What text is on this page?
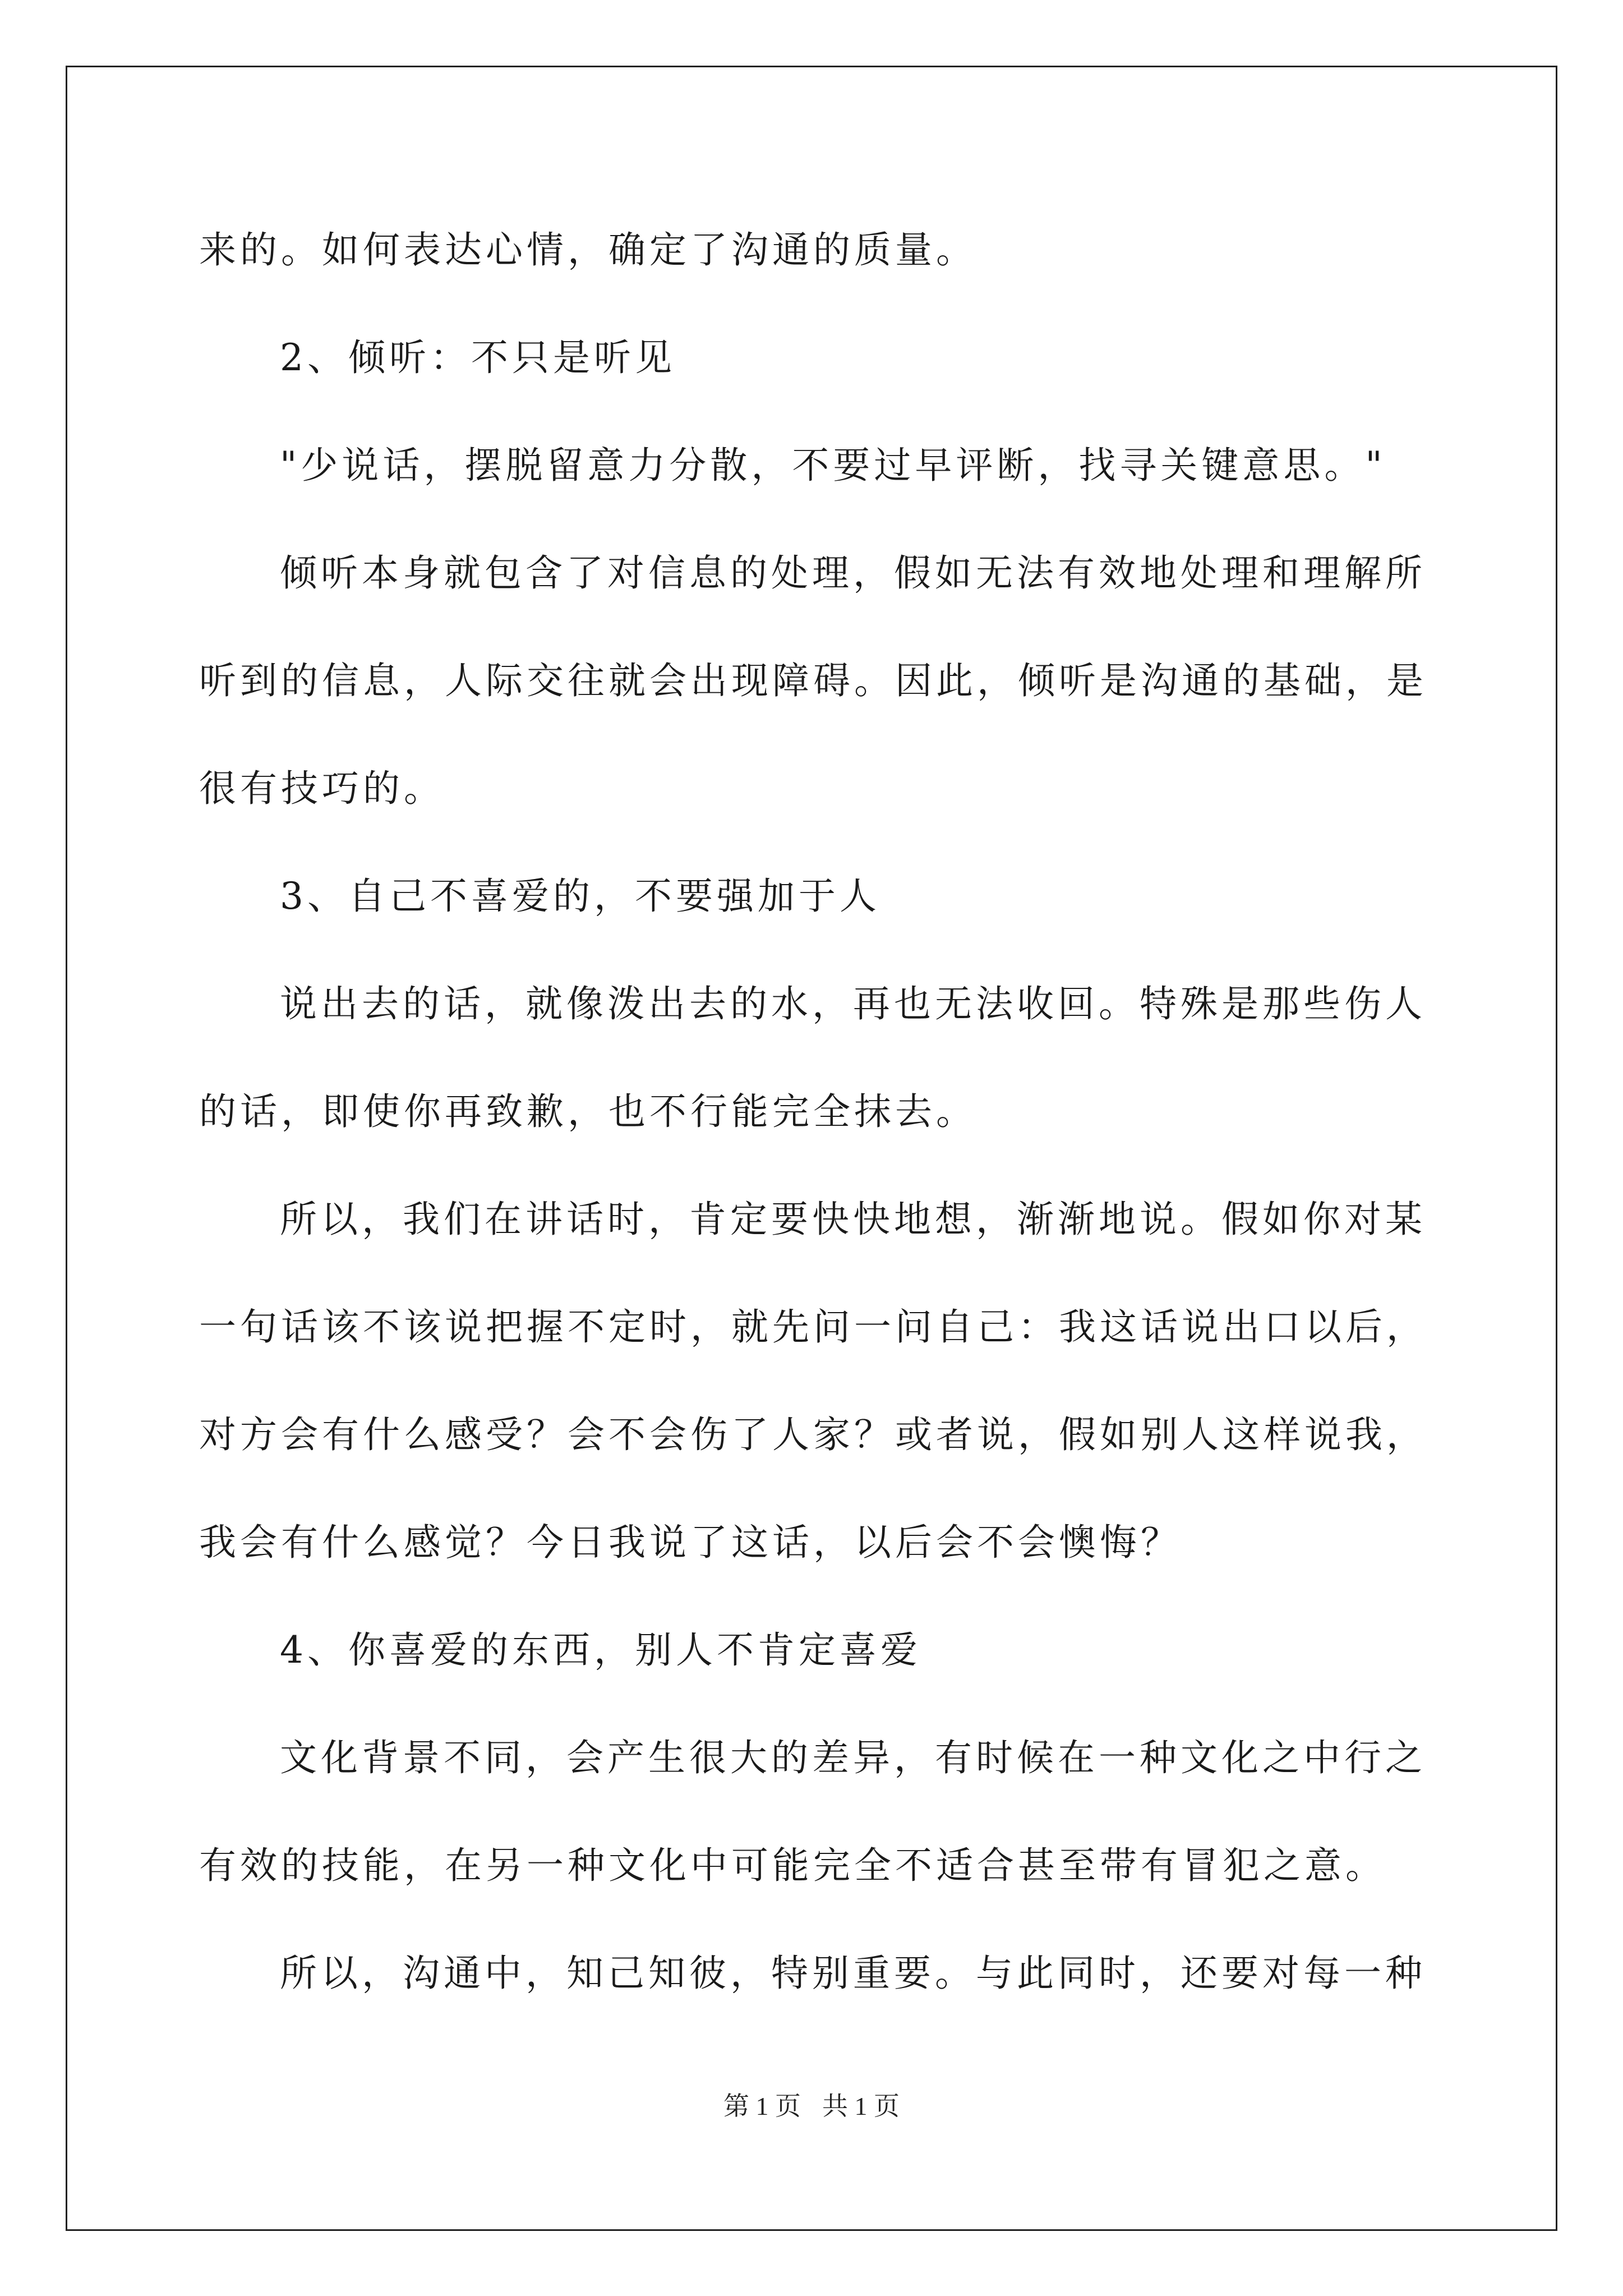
来的。如何表达心情，确定了沟通的质量。
2、倾听：不只是听见
"少说话，摆脱留意力分散，不要过早评断，找寻关键意思。"
倾听本身就包含了对信息的处理，假如无法有效地处理和理解所
听到的信息，人际交往就会出现障碍。因此，倾听是沟通的基础，是
很有技巧的。
3、自己不喜爱的，不要强加于人
说出去的话，就像泼出去的水，再也无法收回。特殊是那些伤人
的话，即使你再致歉，也不行能完全抹去。
所以，我们在讲话时，肯定要快快地想，渐渐地说。假如你对某
一句话该不该说把握不定时，就先问一问自己：我这话说出口以后，
对方会有什么感受？会不会伤了人家？或者说，假如别人这样说我，
我会有什么感觉？今日我说了这话，以后会不会懊悔？
4、你喜爱的东西，别人不肯定喜爱
文化背景不同，会产生很大的差异，有时候在一种文化之中行之
有效的技能，在另一种文化中可能完全不适合甚至带有冒犯之意。
所以，沟通中，知己知彼，特别重要。与此同时，还要对每一种
第 1 页 共 1 页
